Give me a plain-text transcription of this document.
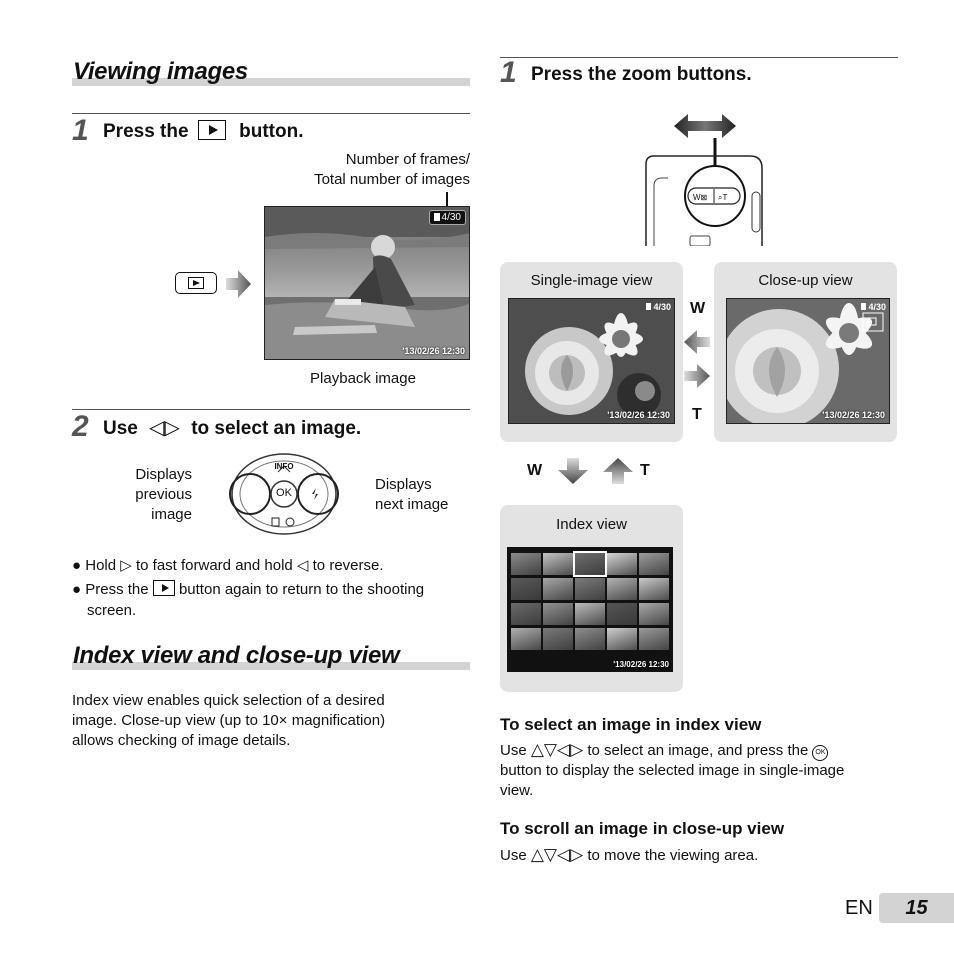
Viewing images
1 Press the	button.
Number of frames/
Total number of images
4/30
'13/02/26 12:30
Playback image
2 Use ◁▷ to select an image.
Displays
previous
image
Displays
next image
INFO
OK
● Hold ▷ to fast forward and hold ◁ to reverse.
● Press the button again to return to the shooting
screen.
Index view and close-up view
Index view enables quick selection of a desired
image. Close-up view (up to 10× magnification)
allows checking of image details.
1 Press the zoom buttons.
W⊠ ⌕T
Single-image view
4/30
'13/02/26 12:30
W
T
Close-up view
4/30
'13/02/26 12:30
W	T
Index view
'13/02/26 12:30
To select an image in index view
Use △▽◁▷ to select an image, and press the OK
button to display the selected image in single-image
view.
To scroll an image in close-up view
Use △▽◁▷ to move the viewing area.
EN	15
